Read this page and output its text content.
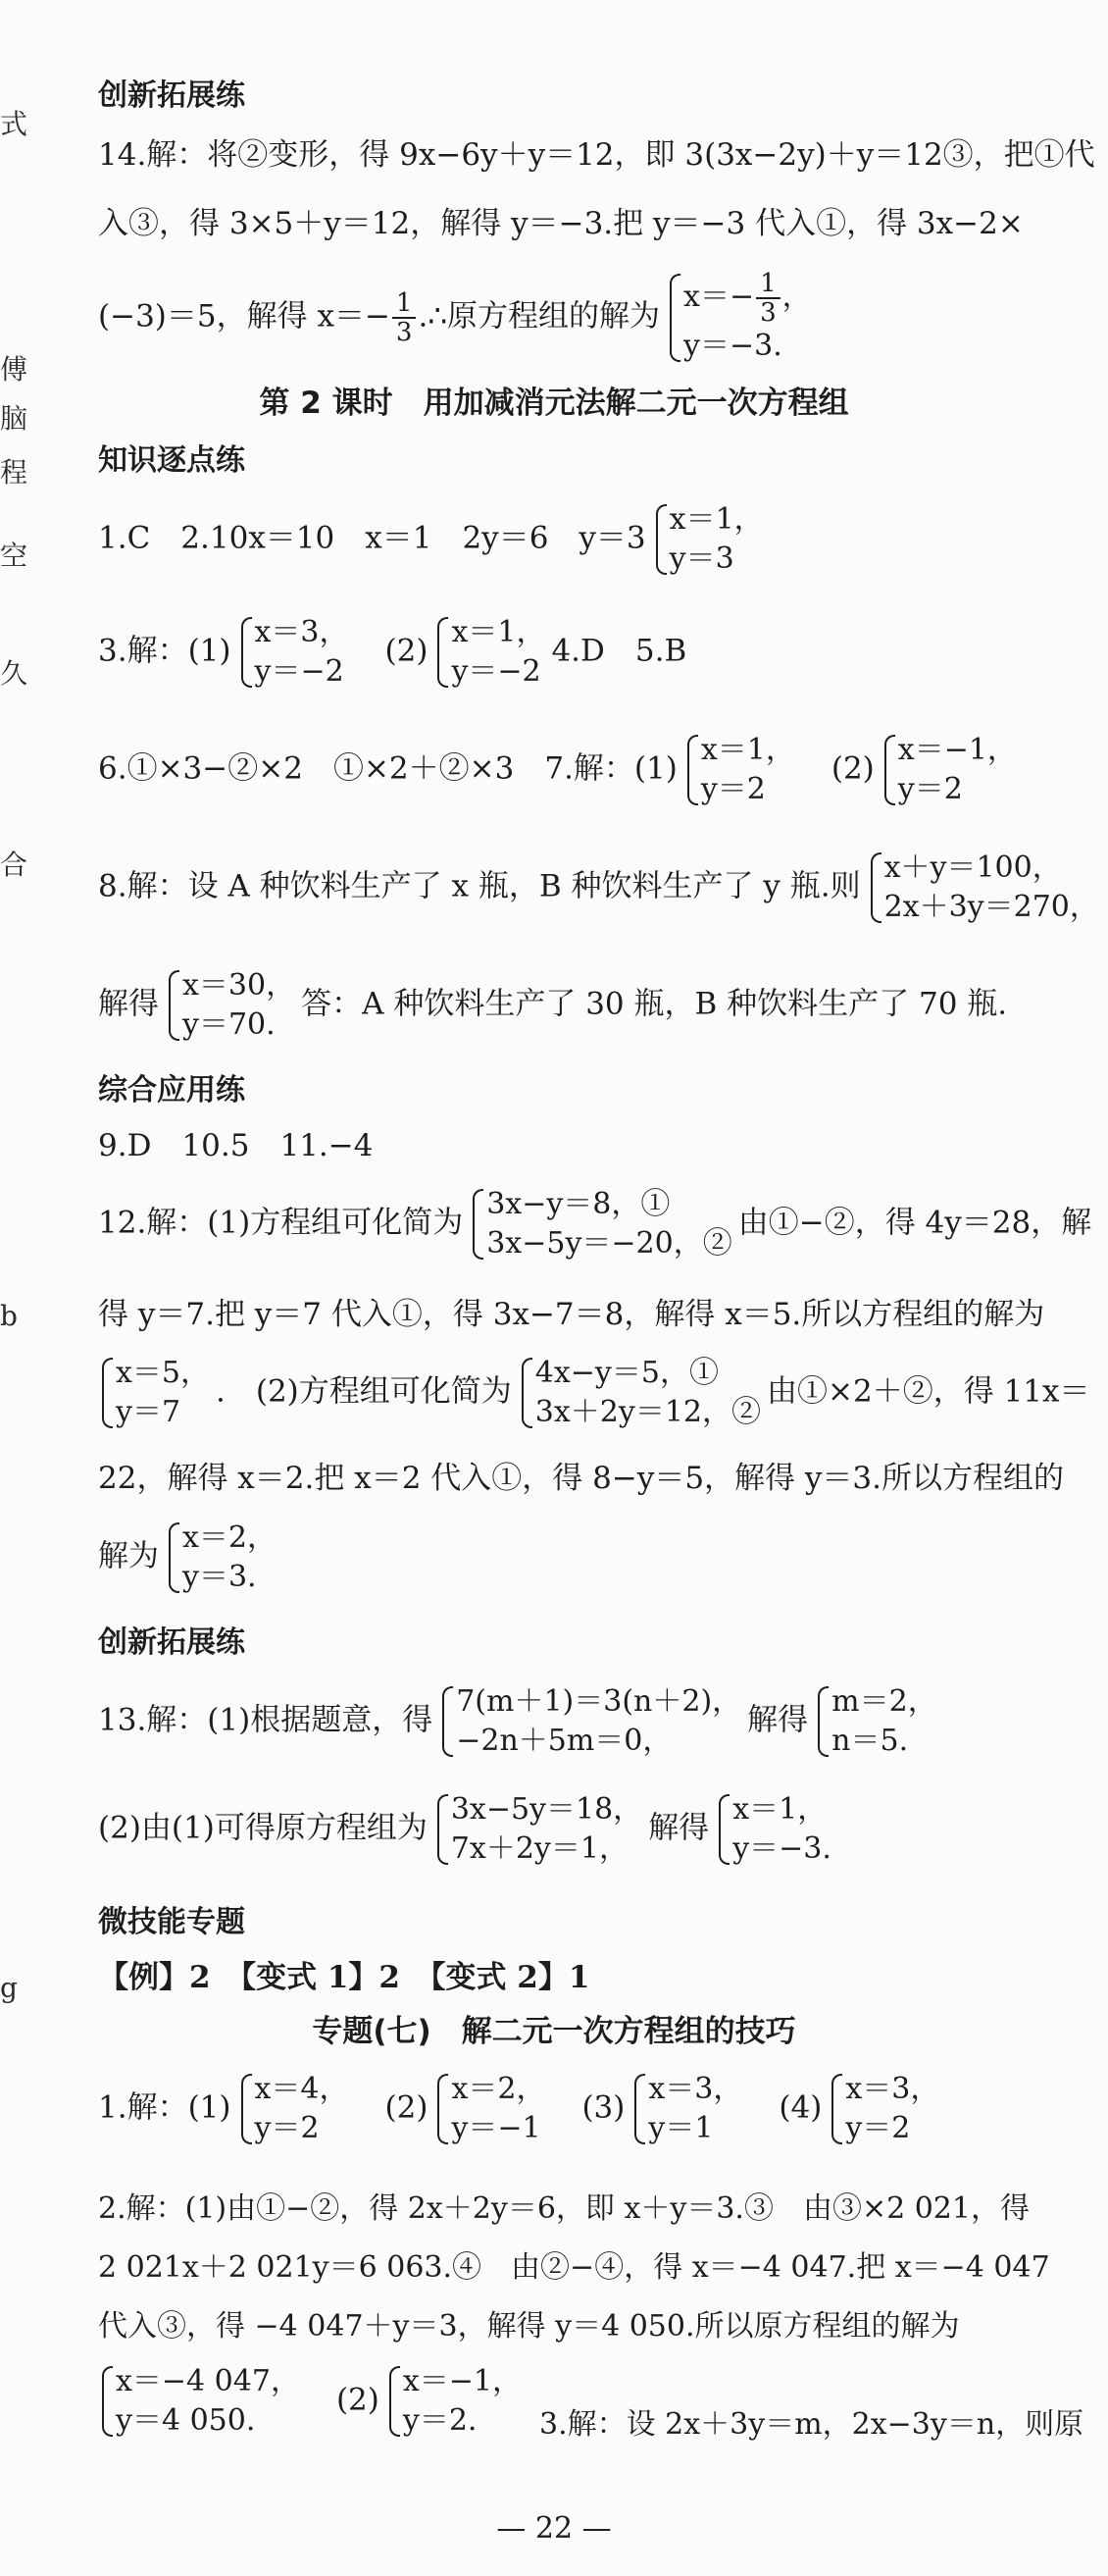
式
傅
脑
程
空
久
合
b
g
创新拓展练
14.解：将②变形，得 9x−6y＋y＝12，即 3(3x−2y)＋y＝12③，把①代
入③，得 3×5＋y＝12，解得 y＝−3.把 y＝−3 代入①，得 3x−2×
(−3)＝5，解得 $x=- \frac{1}{3}$ .∴原方程组的解为
$x=- \frac{1}{3}$ ，
y＝−3.
第 2 课时　用加减消元法解二元一次方程组
知识逐点练
1.C　2.10x＝10　x＝1　2y＝6　y＝3
x＝1，
y＝3
3.解：(1)
x＝3，
y＝−2
　(2)
x＝1，
y＝−2
4.D　5.B
6.①×3−②×2　①×2＋②×3　7.解：(1)
x＝1，
y＝2
　(2)
x＝−1，
y＝2
8.解：设 A 种饮料生产了 x 瓶，B 种饮料生产了 y 瓶.则
x＋y＝100，
2x＋3y＝270，
解得
x＝30，
y＝70.
答：A 种饮料生产了 30 瓶，B 种饮料生产了 70 瓶.
综合应用练
9.D　10.5　11.−4
12.解：(1)方程组可化简为
3x−y＝8，①
3x−5y＝−20，②
由①−②，得 4y＝28，解
得 y＝7.把 y＝7 代入①，得 3x−7＝8，解得 x＝5.所以方程组的解为
x＝5，
y＝7
.　(2)方程组可化简为
4x−y＝5，①
3x＋2y＝12，②
由①×2＋②，得 11x＝
22，解得 x＝2.把 x＝2 代入①，得 8−y＝5，解得 y＝3.所以方程组的
解为
x＝2，
y＝3.
创新拓展练
13.解：(1)根据题意，得
7(m＋1)＝3(n＋2)，
−2n＋5m＝0，
解得
m＝2，
n＝5.
(2)由(1)可得原方程组为
3x−5y＝18，
7x＋2y＝1，
解得
x＝1，
y＝−3.
微技能专题
【例】2　【变式 1】2　【变式 2】1
专题(七)　解二元一次方程组的技巧
1.解：(1)
x＝4，
y＝2
　(2)
x＝2，
y＝−1
　(3)
x＝3，
y＝1
　(4)
x＝3，
y＝2
2.解：(1)由①−②，得 2x＋2y＝6，即 x＋y＝3.③　由③×2 021，得
2 021x＋2 021y＝6 063.④　由②−④，得 x＝−4 047.把 x＝−4 047
代入③，得 −4 047＋y＝3，解得 y＝4 050.所以原方程组的解为
x＝−4 047，
y＝4 050.
　(2)
x＝−1，
y＝2.	3.解：设 2x＋3y＝m，2x−3y＝n，则原
— 22 —
